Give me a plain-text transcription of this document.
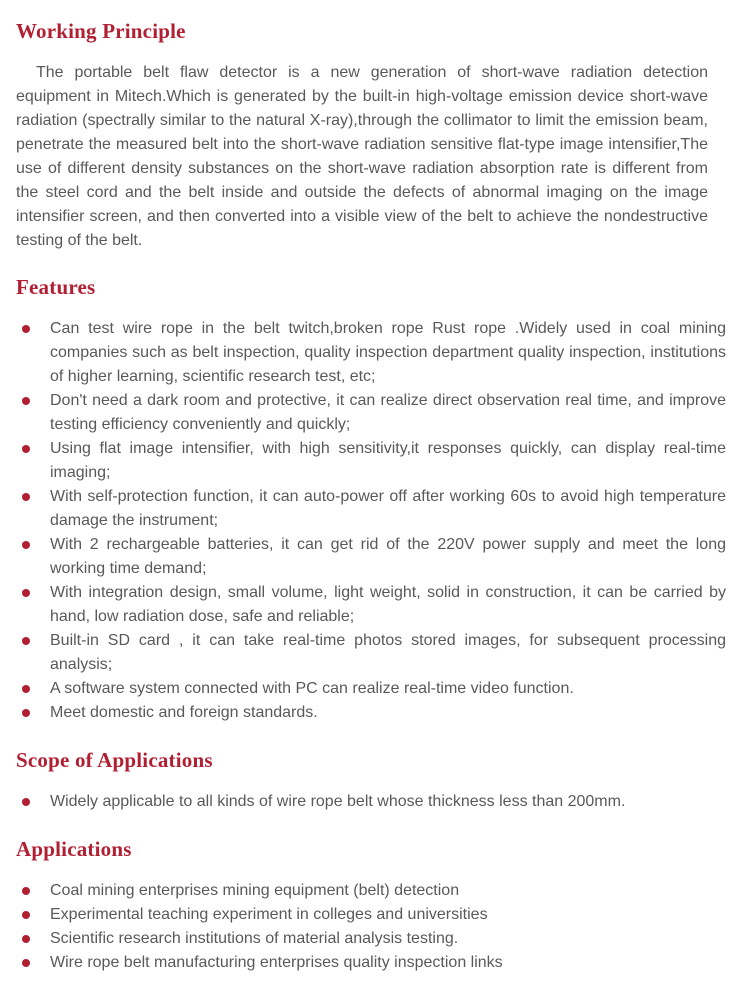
Working Principle

The portable belt flaw detector is a new generation of short-wave radiation detection equipment in Mitech.Which is generated by the built-in high-voltage emission device short-wave radiation (spectrally similar to the natural X-ray),through the collimator to limit the emission beam, penetrate the measured belt into the short-wave radiation sensitive flat-type image intensifier,The use of different density substances on the short-wave radiation absorption rate is different from the steel cord and the belt inside and outside the defects of abnormal imaging on the image intensifier screen, and then converted into a visible view of the belt to achieve the nondestructive testing of the belt.

Features
Can test wire rope in the belt twitch,broken rope Rust rope .Widely used in coal mining companies such as belt inspection, quality inspection department quality inspection, institutions of higher learning, scientific research test, etc;
Don't need a dark room and protective, it can realize direct observation real time, and improve testing efficiency conveniently and quickly;
Using flat image intensifier, with high sensitivity,it responses quickly, can display real-time imaging;
With self-protection function, it can auto-power off after working 60s to avoid high temperature damage the instrument;
With 2 rechargeable batteries, it can get rid of the 220V power supply and meet the long working time demand;
With integration design, small volume, light weight, solid in construction, it can be carried by hand, low radiation dose, safe and reliable;
Built-in SD card , it can take real-time photos stored images, for subsequent processing analysis;
A software system connected with PC can realize real-time video function.
Meet domestic and foreign standards.
Scope of Applications
Widely applicable to all kinds of wire rope belt whose thickness less than 200mm.
Applications
Coal mining enterprises mining equipment (belt) detection
Experimental teaching experiment in colleges and universities
Scientific research institutions of material analysis testing.
Wire rope belt manufacturing enterprises quality inspection links
